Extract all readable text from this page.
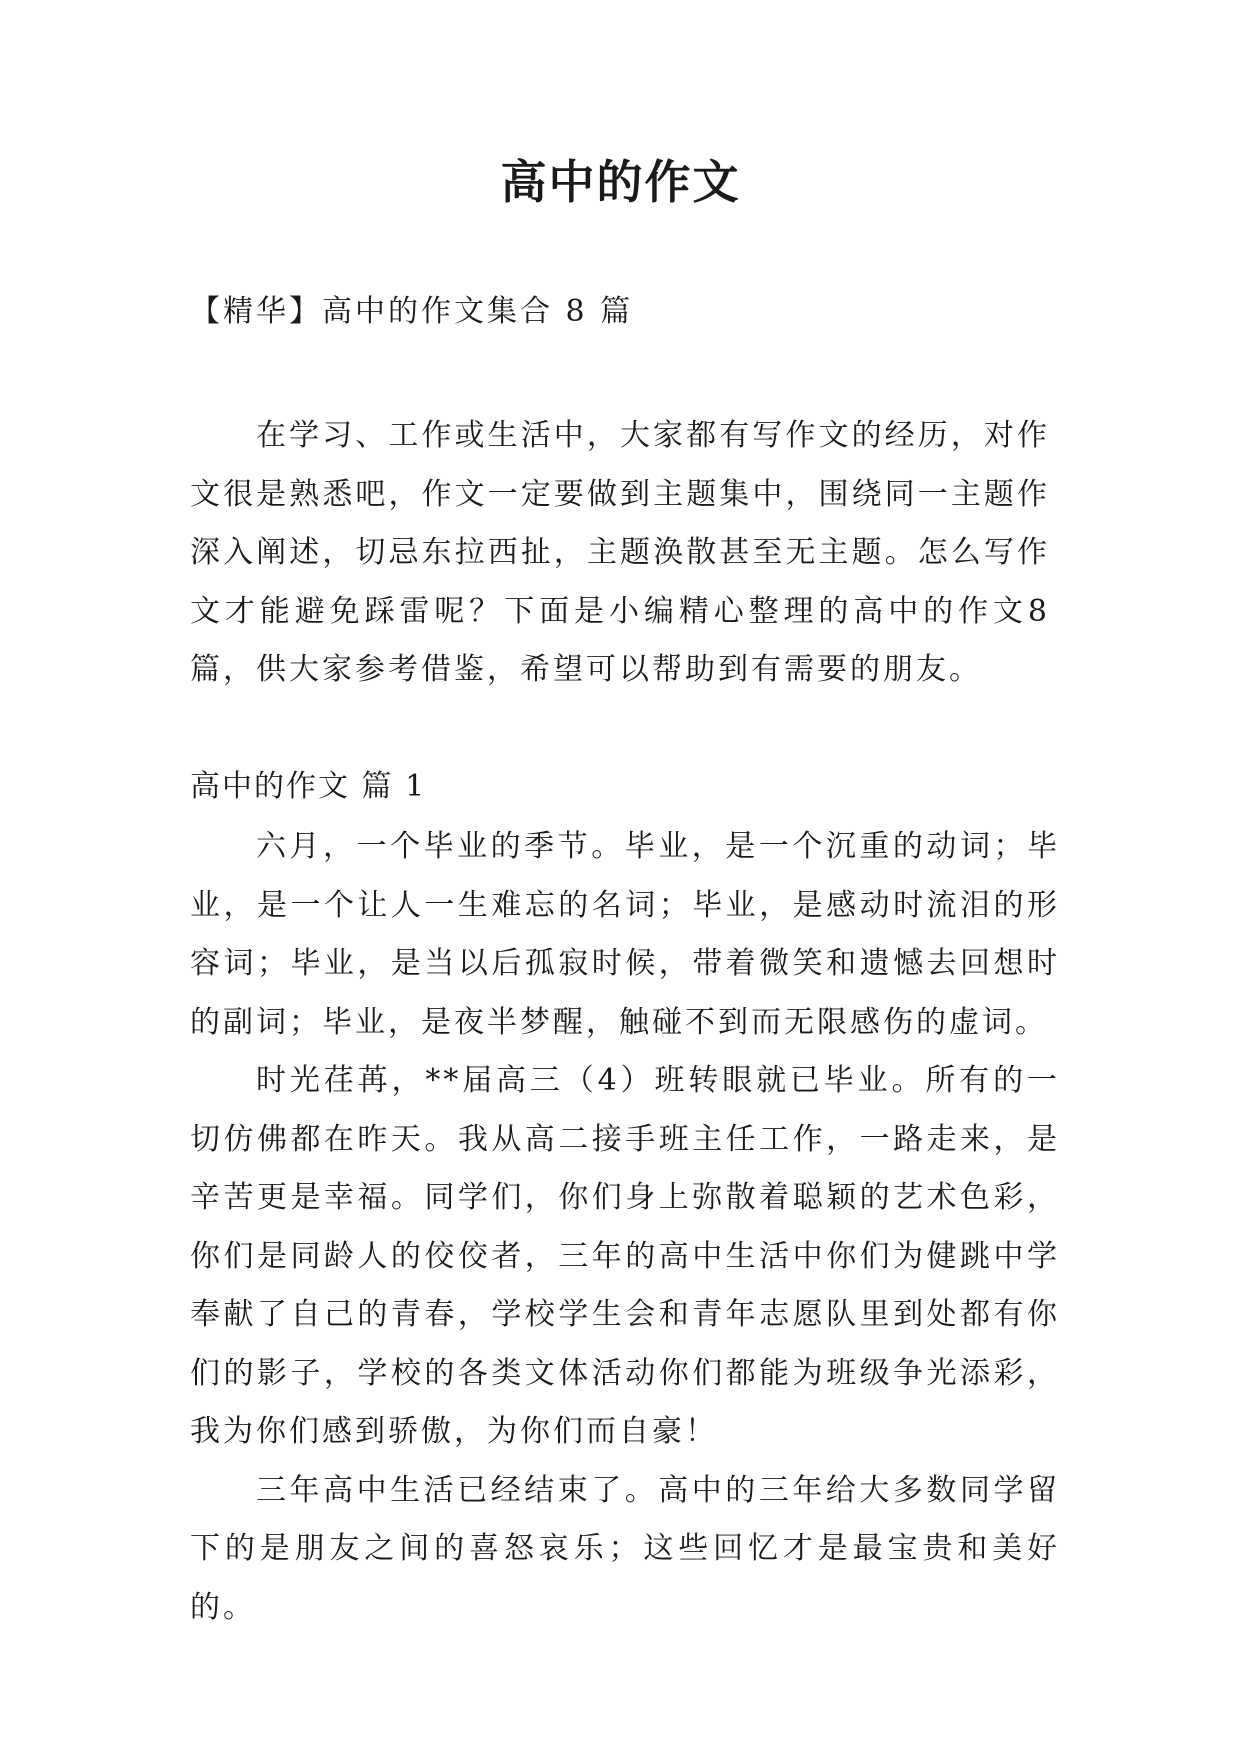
高中的作文

【精华】高中的作文集合 8 篇

在学习、工作或生活中，大家都有写作文的经历，对作文很是熟悉吧，作文一定要做到主题集中，围绕同一主题作深入阐述，切忌东拉西扯，主题涣散甚至无主题。怎么写作文才能避免踩雷呢？下面是小编精心整理的高中的作文8篇，供大家参考借鉴，希望可以帮助到有需要的朋友。

高中的作文 篇 1

六月，一个毕业的季节。毕业，是一个沉重的动词；毕业，是一个让人一生难忘的名词；毕业，是感动时流泪的形容词；毕业，是当以后孤寂时候，带着微笑和遗憾去回想时的副词；毕业，是夜半梦醒，触碰不到而无限感伤的虚词。

时光荏苒，**届高三（4）班转眼就已毕业。所有的一切仿佛都在昨天。我从高二接手班主任工作，一路走来，是辛苦更是幸福。同学们，你们身上弥散着聪颖的艺术色彩，你们是同龄人的佼佼者，三年的高中生活中你们为健跳中学奉献了自己的青春，学校学生会和青年志愿队里到处都有你们的影子，学校的各类文体活动你们都能为班级争光添彩，我为你们感到骄傲，为你们而自豪！

三年高中生活已经结束了。高中的三年给大多数同学留下的是朋友之间的喜怒哀乐；这些回忆才是最宝贵和美好的。
